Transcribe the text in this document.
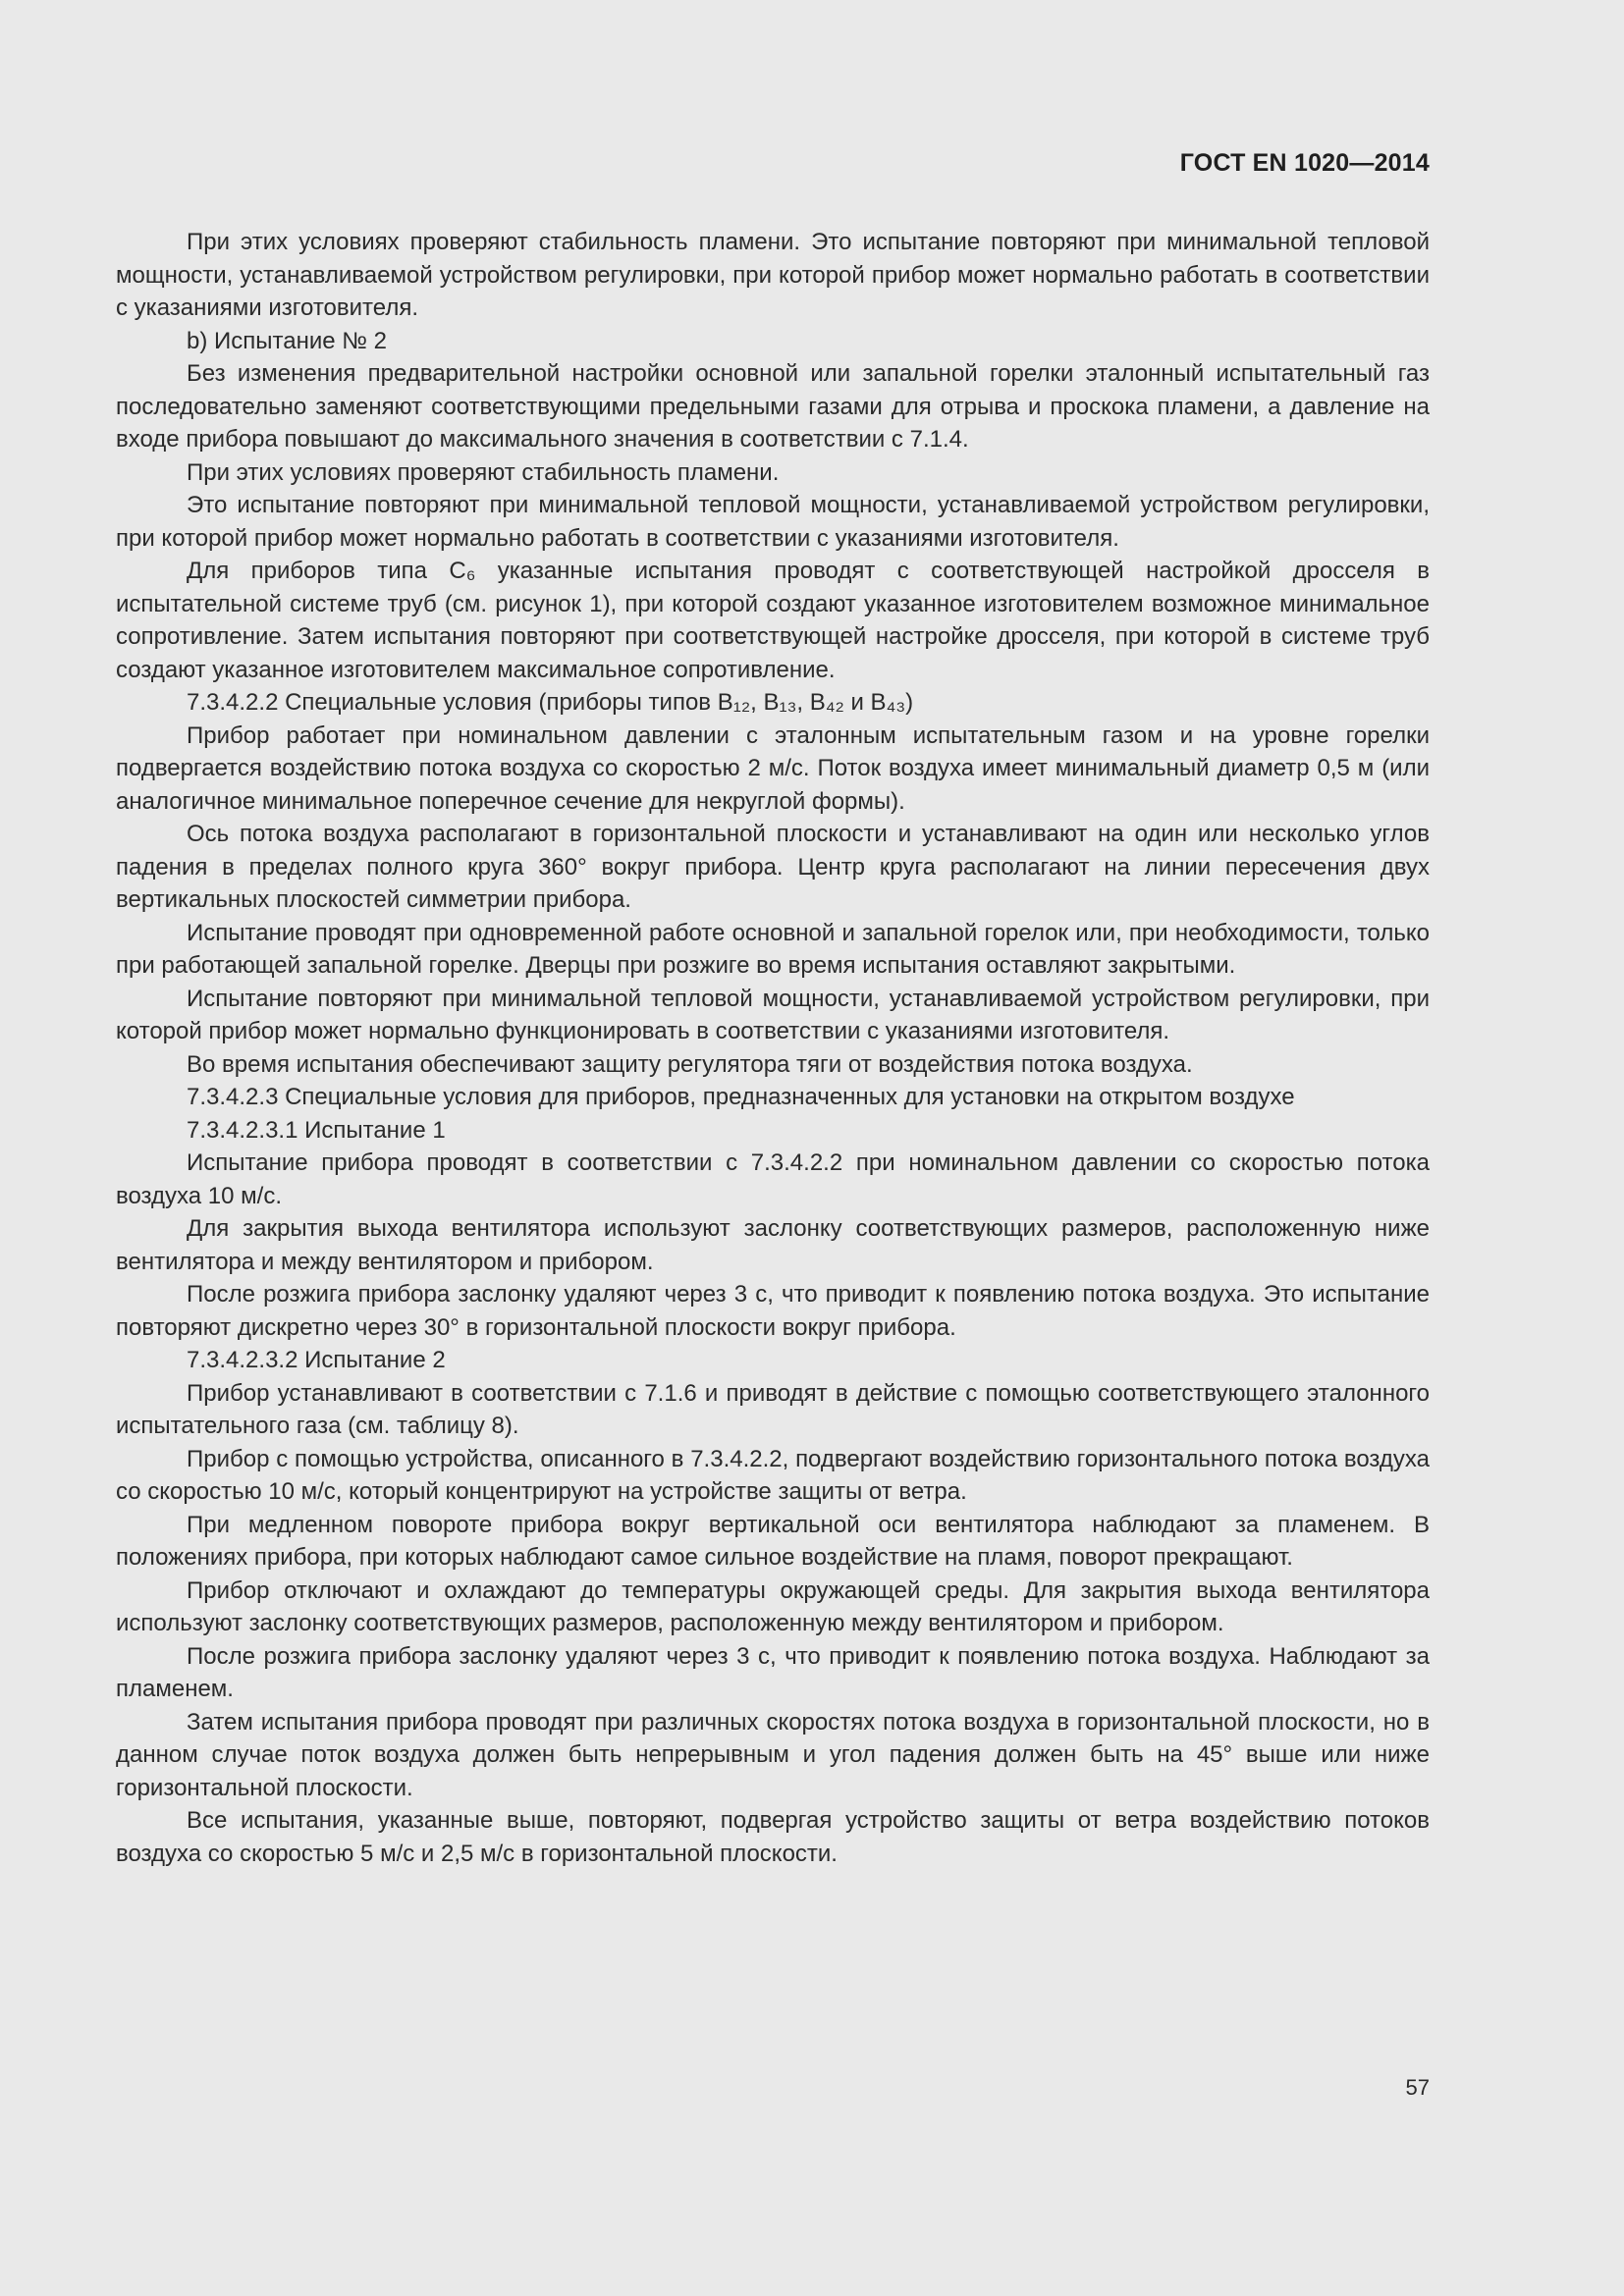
ГОСТ EN 1020—2014

При этих условиях проверяют стабильность пламени. Это испытание повторяют при минимальной тепловой мощности, устанавливаемой устройством регулировки, при которой прибор может нормально работать в соответствии с указаниями изготовителя.

b) Испытание № 2

Без изменения предварительной настройки основной или запальной горелки эталонный испытательный газ последовательно заменяют соответствующими предельными газами для отрыва и проскока пламени, а давление на входе прибора повышают до максимального значения в соответствии с 7.1.4.

При этих условиях проверяют стабильность пламени.

Это испытание повторяют при минимальной тепловой мощности, устанавливаемой устройством регулировки, при которой прибор может нормально работать в соответствии с указаниями изготовителя.

Для приборов типа C₆ указанные испытания проводят с соответствующей настройкой дросселя в испытательной системе труб (см. рисунок 1), при которой создают указанное изготовителем возможное минимальное сопротивление. Затем испытания повторяют при соответствующей настройке дросселя, при которой в системе труб создают указанное изготовителем максимальное сопротивление.

7.3.4.2.2 Специальные условия (приборы типов B₁₂, B₁₃, B₄₂ и B₄₃)

Прибор работает при номинальном давлении с эталонным испытательным газом и на уровне горелки подвергается воздействию потока воздуха со скоростью 2 м/с. Поток воздуха имеет минимальный диаметр 0,5 м (или аналогичное минимальное поперечное сечение для некруглой формы).

Ось потока воздуха располагают в горизонтальной плоскости и устанавливают на один или несколько углов падения в пределах полного круга 360° вокруг прибора. Центр круга располагают на линии пересечения двух вертикальных плоскостей симметрии прибора.

Испытание проводят при одновременной работе основной и запальной горелок или, при необходимости, только при работающей запальной горелке. Дверцы при розжиге во время испытания оставляют закрытыми.

Испытание повторяют при минимальной тепловой мощности, устанавливаемой устройством регулировки, при которой прибор может нормально функционировать в соответствии с указаниями изготовителя.

Во время испытания обеспечивают защиту регулятора тяги от воздействия потока воздуха.

7.3.4.2.3 Специальные условия для приборов, предназначенных для установки на открытом воздухе

7.3.4.2.3.1 Испытание 1

Испытание прибора проводят в соответствии с 7.3.4.2.2 при номинальном давлении со скоростью потока воздуха 10 м/с.

Для закрытия выхода вентилятора используют заслонку соответствующих размеров, расположенную ниже вентилятора и между вентилятором и прибором.

После розжига прибора заслонку удаляют через 3 с, что приводит к появлению потока воздуха. Это испытание повторяют дискретно через 30° в горизонтальной плоскости вокруг прибора.

7.3.4.2.3.2 Испытание 2

Прибор устанавливают в соответствии с 7.1.6 и приводят в действие с помощью соответствующего эталонного испытательного газа (см. таблицу 8).

Прибор с помощью устройства, описанного в 7.3.4.2.2, подвергают воздействию горизонтального потока воздуха со скоростью 10 м/с, который концентрируют на устройстве защиты от ветра.

При медленном повороте прибора вокруг вертикальной оси вентилятора наблюдают за пламенем. В положениях прибора, при которых наблюдают самое сильное воздействие на пламя, поворот прекращают.

Прибор отключают и охлаждают до температуры окружающей среды. Для закрытия выхода вентилятора используют заслонку соответствующих размеров, расположенную между вентилятором и прибором.

После розжига прибора заслонку удаляют через 3 с, что приводит к появлению потока воздуха. Наблюдают за пламенем.

Затем испытания прибора проводят при различных скоростях потока воздуха в горизонтальной плоскости, но в данном случае поток воздуха должен быть непрерывным и угол падения должен быть на 45° выше или ниже горизонтальной плоскости.

Все испытания, указанные выше, повторяют, подвергая устройство защиты от ветра воздействию потоков воздуха со скоростью 5 м/с и 2,5 м/с в горизонтальной плоскости.

57
